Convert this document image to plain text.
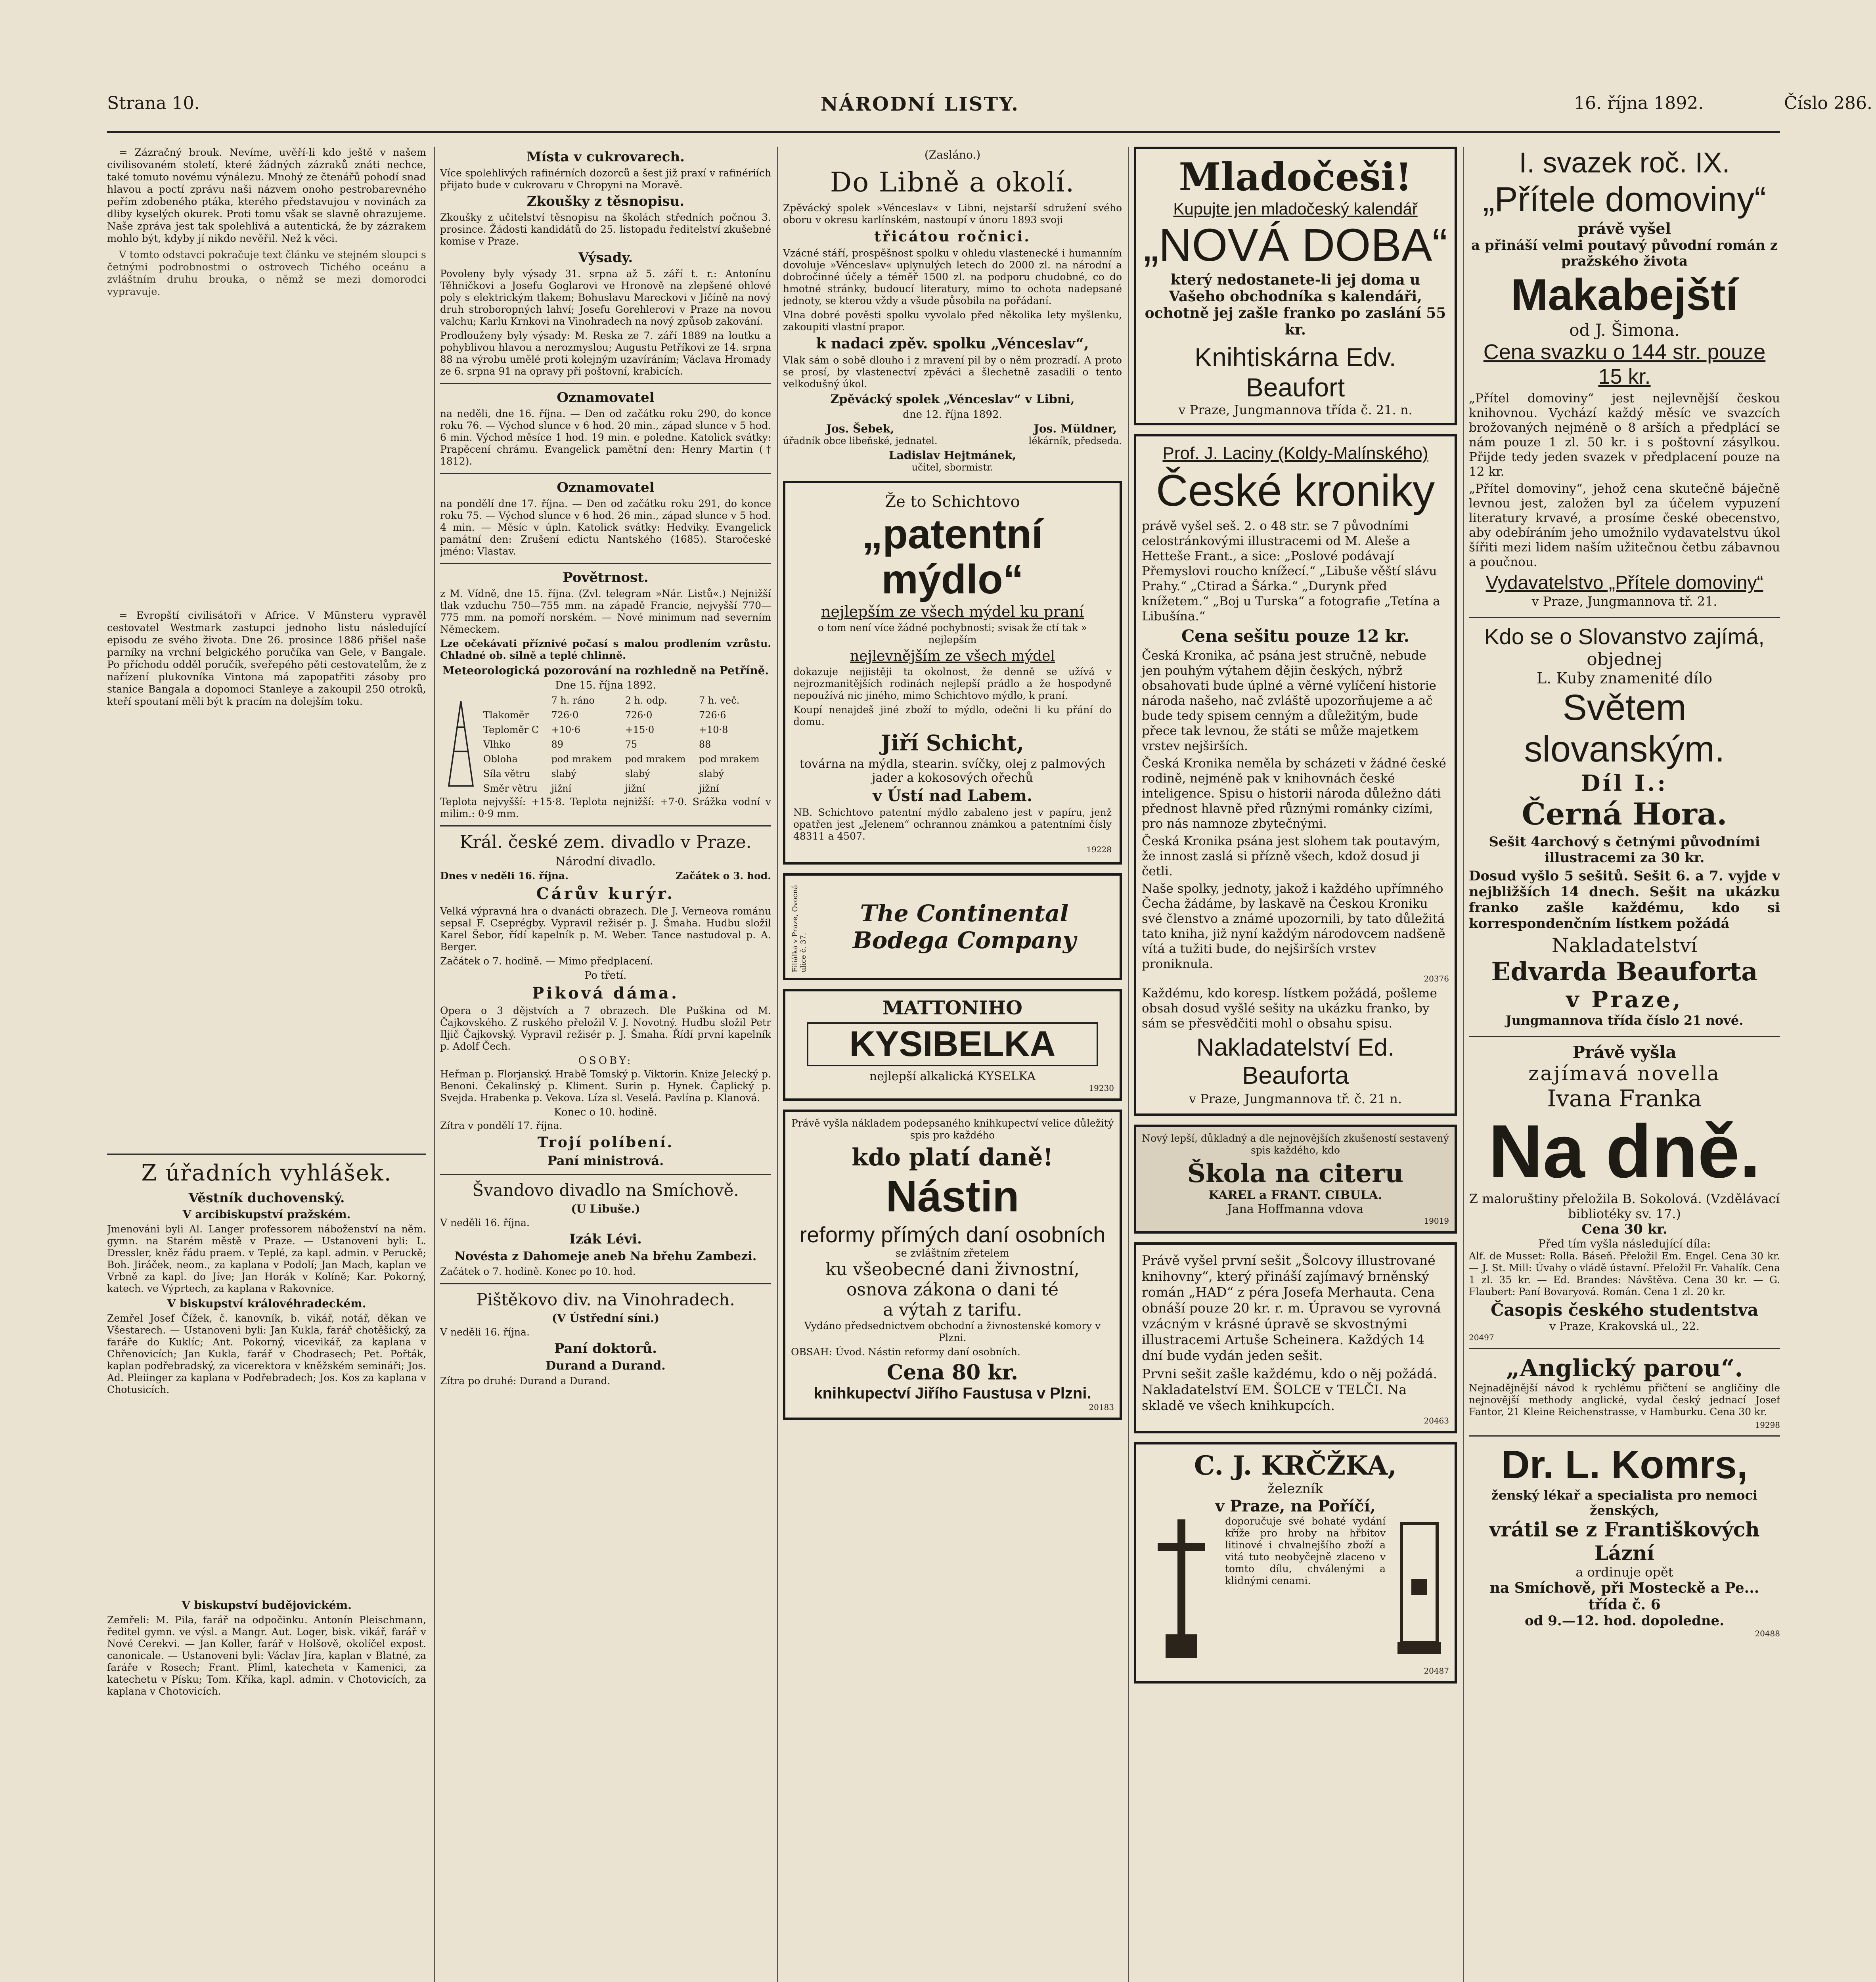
Strana 10.	NÁRODNÍ LISTY.	16. října 1892.	Číslo 286.

= Zázračný brouk. Nevíme, uvěří-li kdo ještě v našem civilisovaném století, které žádných zázraků znáti nechce, také tomuto novému výnálezu. Mnohý ze čtenářů pohodí snad hlavou a poctí zprávu naši názvem onoho pestrobarevného peřím zdobeného ptáka, kterého představujou v novinách za dliby kyselých okurek. Proti tomu však se slavně ohrazujeme. Naše zpráva jest tak spolehlivá a autentická, že by zázrakem mohlo být, kdyby jí nikdo nevěřil. Než k věci.

V tomto odstavci pokračuje text článku ve stejném sloupci s četnými podrobnostmi o ostrovech Tichého oceánu a zvláštním druhu brouka, o němž se mezi domorodci vypravuje.

= Evropští civilisátoři v Africe. V Münsteru vypravěl cestovatel Westmark zastupci jednoho listu následující episodu ze svého života. Dne 26. prosince 1886 přišel naše parníky na vrchní belgického poručíka van Gele, v Bangale. Po příchodu odděl poručík, sveřepého pěti cestovatelům, že z nařízení plukovníka Vintona má zapopatřiti zásoby pro stanice Bangala a dopomoci Stanleye a zakoupil 250 otroků, kteří spoutaní měli být k pracím na dolejším toku.

Z úřadních vyhlášek.
Věstník duchovenský.
V arcibiskupství pražském.

Jmenováni byli Al. Langer professorem náboženství na něm. gymn. na Starém městě v Praze. — Ustanoveni byli: L. Dressler, kněz řádu praem. v Teplé, za kapl. admin. v Peruckě; Boh. Jiráček, neom., za kaplana v Podolí; Jan Mach, kaplan ve Vrbně za kapl. do Jíve; Jan Horák v Kolíně; Kar. Pokorný, katech. ve Výprtech, za kaplana v Rakovníce.

V biskupství královéhradeckém.

Zemřel Josef Čížek, č. kanovník, b. vikář, notář, děkan ve Všestarech. — Ustanoveni byli: Jan Kukla, farář chotěšický, za faráře do Kuklíc; Ant. Pokorný, vicevikář, za kaplana v Chřenovicích; Jan Kukla, farář v Chodrasech; Pet. Pořták, kaplan podřebradský, za vicerektora v kněžském semináři; Jos. Ad. Pleiinger za kaplana v Podřebradech; Jos. Kos za kaplana v Chotusicích.

V biskupství budějovickém.

Zemřeli: M. Pila, farář na odpočinku. Antonín Pleischmann, ředitel gymn. ve výsl. a Mangr. Aut. Loger, bisk. vikář, farář v Nové Cerekvi. — Jan Koller, farář v Holšově, okolíčel expost. canonicale. — Ustanoveni byli: Václav Jíra, kaplan v Blatné, za faráře v Rosech; Frant. Plíml, katecheta v Kamenici, za katechetu v Písku; Tom. Kříka, kapl. admin. v Chotovicích, za kaplana v Chotovicích.

Místa v cukrovarech.

Více spolehlivých rafinérních dozorců a šest již praxí v rafinériích přijato bude v cukrovaru v Chropyni na Moravě.

Zkoušky z těsnopisu.

Zkoušky z učitelství těsnopisu na školách středních počnou 3. prosince. Žádosti kandidátů do 25. listopadu ředitelství zkušebné komise v Praze.

Výsady.

Povoleny byly výsady 31. srpna až 5. září t. r.: Antonínu Těhničkovi a Josefu Goglarovi ve Hronově na zlepšené ohlové poly s elektrickým tlakem; Bohuslavu Mareckovi v Jičíně na nový druh stroboropných lahví; Josefu Gorehlerovi v Praze na novou valchu; Karlu Krnkovi na Vinohradech na nový způsob zakování.

Prodlouženy byly výsady: M. Reska ze 7. září 1889 na loutku a pohyblivou hlavou a nerozmyslou; Augustu Petříkovi ze 14. srpna 88 na výrobu umělé proti kolejným uzavíráním; Václava Hromady ze 6. srpna 91 na opravy při poštovní, krabicích.

Oznamovatel

na neděli, dne 16. října. — Den od začátku roku 290, do konce roku 76. — Východ slunce v 6 hod. 20 min., západ slunce v 5 hod. 6 min. Východ měsíce 1 hod. 19 min. e poledne. Katolick svátky: Prapěcení chrámu. Evangelick pamětní den: Henry Martin († 1812).

Oznamovatel

na pondělí dne 17. října. — Den od začátku roku 291, do konce roku 75. — Východ slunce v 6 hod. 26 min., západ slunce v 5 hod. 4 min. — Měsíc v úpln. Katolick svátky: Hedviky. Evangelick památní den: Zrušení edictu Nantského (1685). Staročeské jméno: Vlastav.

Povětrnost.

z M. Vídně, dne 15. října. (Zvl. telegram »Nár. Listů«.) Nejnižší tlak vzduchu 750—755 mm. na západě Francie, nejvyšší 770—775 mm. na pomoří norském. — Nové minimum nad severním Německem.

Lze očekávati příznivé počasí s malou prodlením vzrůstu. Chladné ob. silně a teplé chlinně.

Meteorologická pozorování na rozhledně na Petříně.
Dne 15. října 1892.
	7 h. ráno	2 h. odp.	7 h. več.
Tlakoměr	726·0	726·0	726·6
Teploměr C	+10·6	+15·0	+10·8
Vlhko	89	75	88
Obloha	pod mrakem	pod mrakem	pod mrakem
Síla větru	slabý	slabý	slabý
Směr větru	jižní	jižní	jižní

Teplota nejvyšší: +15·8. Teplota nejnižší: +7·0. Srážka vodní v milim.: 0·9 mm.

Král. české zem. divadlo v Praze.
Národní divadlo.
Dnes v neděli 16. října.	Začátek o 3. hod.
Cárův kurýr.

Velká výpravná hra o dvanácti obrazech. Dle J. Verneova románu sepsal F. Cseprégby. Vypravil režisér p. J. Šmaha. Hudbu složil Karel Šebor, řídí kapelník p. M. Weber. Tance nastudoval p. A. Berger.

Začátek o 7. hodině. — Mimo předplacení.

Po třetí.
Piková dáma.

Opera o 3 dějstvích a 7 obrazech. Dle Puškina od M. Čajkovského. Z ruského přeložil V. J. Novotný. Hudbu složil Petr Iljič Čajkovský. Vypravil režisér p. J. Šmaha. Řídí první kapelník p. Adolf Čech.

OSOBY:

Heřman p. Florjanský. Hrabě Tomský p. Viktorin. Knize Jelecký p. Benoni. Čekalinský p. Kliment. Surin p. Hynek. Čaplický p. Svejda. Hrabenka p. Vekova. Líza sl. Veselá. Pavlína p. Klanová.

Konec o 10. hodině.
Zítra v pondělí 17. října.
Trojí políbení.
Paní ministrová.
Švandovo divadlo na Smíchově.
(U Libuše.)
V neděli 16. října.
Izák Lévi.
Novésta z Dahomeje aneb Na břehu Zambezi.
Začátek o 7. hodině. Konec po 10. hod.
Pištěkovo div. na Vinohradech.
(V Ústřední síni.)
V neděli 16. října.
Paní doktorů.
Durand a Durand.
Zítra po druhé: Durand a Durand.
(Zasláno.)
Do Libně a okolí.

Zpěvácký spolek »Vénceslav« v Libni, nejstarší sdružení svého oboru v okresu karlínském, nastoupí v únoru 1893 svoji

třicátou ročnici.

Vzácné stáří, prospěšnost spolku v ohledu vlastenecké i humanním dovoluje »Vénceslav« uplynulých letech do 2000 zl. na národní a dobročinné účely a téměř 1500 zl. na podporu chudobné, co do hmotné stránky, budoucí literatury, mimo to ochota nadepsané jednoty, se kterou vždy a všude působila na pořádaní.

Vlna dobré pověsti spolku vyvolalo před několika lety myšlenku, zakoupiti vlastní prapor.

k nadaci zpěv. spolku „Vénceslav“,

Vlak sám o sobě dlouho i z mravení pil by o něm prozradí. A proto se prosí, by vlastenectví zpěváci a šlechetně zasadili o tento velkodušný úkol.

Zpěvácký spolek „Vénceslav“ v Libni,
dne 12. října 1892.
Jos. Šebek,
úřadník obce libeňské, jednatel.
Jos. Müldner,
lékárník, předseda.
Ladislav Hejtmánek,
učitel, sbormistr.
Že to Schichtovo
„patentní
mýdlo“
nejlepším ze všech mýdel ku praní

o tom není více žádné pochybnosti; svisak že ctí tak » nejlepším

nejlevnějším ze všech mýdel

dokazuje nejjistěji ta okolnost, že denně se užívá v nejrozmanitějších rodinách nejlepší prádlo a že hospodyně nepoužívá nic jiného, mimo Schichtovo mýdlo, k praní.

Koupí nenajdeš jiné zboží to mýdlo, odečni li ku přání do domu.

Jiří Schicht,
továrna na mýdla, stearin. svíčky, olej z palmových jader a kokosových ořechů
v Ústí nad Labem.

NB. Schichtovo patentní mýdlo zabaleno jest v papíru, jenž opatřen jest „Jelenem“ ochrannou známkou a patentními čísly 48311 a 4507.

19228
Filiálka v Praze, Ovocná ulice č. 37.
The Continental Bodega Company
MATTONIHO
KYSIBELKA
nejlepší alkalická KYSELKA
19230

Právě vyšla nákladem podepsaného knihkupectví velice důležitý spis pro každého

kdo platí daně!
Nástin
reformy přímých daní osobních
se zvláštním zřetelem
ku všeobecné dani živnostní,
osnova zákona o dani té
a výtah z tarifu.

Vydáno předsednictvem obchodní a živnostenské komory v Plzni.

OBSAH: Úvod. Nástin reformy daní osobních.

Cena 80 kr.
knihkupectví Jiřího Faustusa v Plzni.
20183
Mladočeši!
Kupujte jen mladočeský kalendář
„NOVÁ DOBA“
který nedostanete-li jej doma u Vašeho obchodníka s kalendáři, ochotně jej zašle franko po zaslání 55 kr.
Knihtiskárna Edv. Beaufort
v Praze, Jungmannova třída č. 21. n.
Prof. J. Laciny (Koldy-Malínského)
České kroniky

právě vyšel seš. 2. o 48 str. se 7 původními celostránkovými illustracemi od M. Aleše a Hetteše Frant., a sice: „Poslové podávají Přemyslovi roucho knížecí.“ „Libuše věští slávu Prahy.“ „Ctirad a Šárka.“ „Durynk před knížetem.“ „Boj u Turska“ a fotografie „Tetína a Libušína.“

Cena sešitu pouze 12 kr.

Česká Kronika, ač psána jest stručně, nebude jen pouhým výtahem dějin českých, nýbrž obsahovati bude úplné a věrné vylíčení historie národa našeho, nač zvláště upozorňujeme a ač bude tedy spisem cenným a důležitým, bude přece tak levnou, že státi se může majetkem vrstev nejširších.

Česká Kronika neměla by scházeti v žádné české rodině, nejméně pak v knihovnách české inteligence. Spisu o historii národa důležno dáti přednost hlavně před různými románky cizími, pro nás namnoze zbytečnými.

Česká Kronika psána jest slohem tak poutavým, že innost zaslá si přízně všech, kdož dosud ji četli.

Naše spolky, jednoty, jakož i každého upřímného Čecha žádáme, by laskavě na Českou Kroniku své členstvo a známé upozornili, by tato důležitá tato kniha, již nyní každým národovcem nadšeně vítá a tužiti bude, do nejširších vrstev proniknula.

20376

Každému, kdo koresp. lístkem požádá, pošleme obsah dosud vyšlé sešity na ukázku franko, by sám se přesvědčiti mohl o obsahu spisu.

Nakladatelství Ed. Beauforta
v Praze, Jungmannova tř. č. 21 n.

Nový lepší, důkladný a dle nejnovějších zkušeností sestavený spis každého, kdo

Škola na citeru
KAREL a FRANT. CIBULA.
Jana Hoffmanna vdova
19019

Právě vyšel první sešit „Šolcovy illustrované knihovny“, který přináší zajímavý brněnský román „HAD“ z péra Josefa Merhauta. Cena obnáší pouze 20 kr. r. m. Úpravou se vyrovná vzácným v krásné úpravě se skvostnými illustracemi Artuše Scheinera. Každých 14 dní bude vydán jeden sešit.

Prvni sešit zašle každému, kdo o něj požádá. Nakladatelství EM. ŠOLCE v TELČI. Na skladě ve všech knihkupcích.

20463
C. J. KRČŽKA,
železník
v Praze, na Poříčí,

doporučuje své bohaté vydání kříže pro hroby na hřbitov litinové i chvalnejšího zboží a vitá tuto neobyčejně zlaceno v tomto dílu, chválenými a klidnými cenami.

20487
I. svazek roč. IX.
„Přítele domoviny“
právě vyšel
a přináší velmi poutavý původní román z pražského života
Makabejští
od J. Šimona.
Cena svazku o 144 str. pouze 15 kr.

„Přítel domoviny“ jest nejlevnější českou knihovnou. Vychází každý měsíc ve svazcích brožovaných nejméně o 8 arších a předplácí se nám pouze 1 zl. 50 kr. i s poštovní zásylkou. Přijde tedy jeden svazek v předplacení pouze na 12 kr.

„Přítel domoviny“, jehož cena skutečně báječně levnou jest, založen byl za účelem vypuzení literatury krvavé, a prosíme české obecenstvo, aby odebíráním jeho umožnilo vydavatelstvu úkol šířiti mezi lidem naším užitečnou četbu zábavnou a poučnou.

Vydavatelstvo „Přítele domoviny“
v Praze, Jungmannova tř. 21.
Kdo se o Slovanstvo zajímá,
objednej
L. Kuby znamenité dílo
Světem slovanským.
Díl I.:
Černá Hora.

Sešit 4archový s četnými původními illustracemi za 30 kr.

Dosud vyšlo 5 sešitů. Sešit 6. a 7. vyjde v nejbližších 14 dnech. Sešit na ukázku franko zašle každému, kdo si korrespondenčním lístkem požádá

Nakladatelství
Edvarda Beauforta
v Praze,
Jungmannova třída číslo 21 nové.
Právě vyšla
zajímavá novella
Ivana Franka
Na dně.
Z maloruštiny přeložila B. Sokolová. (Vzdělávací bibliotéky sv. 17.)
Cena 30 kr.
Před tím vyšla následující díla:

Alf. de Musset: Rolla. Báseň. Přeložil Em. Engel. Cena 30 kr. — J. St. Mill: Úvahy o vládě ústavní. Přeložil Fr. Vahalík. Cena 1 zl. 35 kr. — Ed. Brandes: Návštěva. Cena 30 kr. — G. Flaubert: Paní Bovaryová. Román. Cena 1 zl. 20 kr.

Časopis českého studentstva
v Praze, Krakovská ul., 22.
20497
„Anglický parou“.

Nejnadějnější návod k rychlému přičtení se angličiny dle nejnovější methody anglické, vydal český jednací Josef Fantor, 21 Kleine Reichenstrasse, v Hamburku. Cena 30 kr.

19298
Dr. L. Komrs,
ženský lékař a specialista pro nemoci ženských,
vrátil se z Františkových Lázní
a ordinuje opět
na Smíchově, při Mosteckě a Pe... třída č. 6
od 9.—12. hod. dopoledne.
20488
